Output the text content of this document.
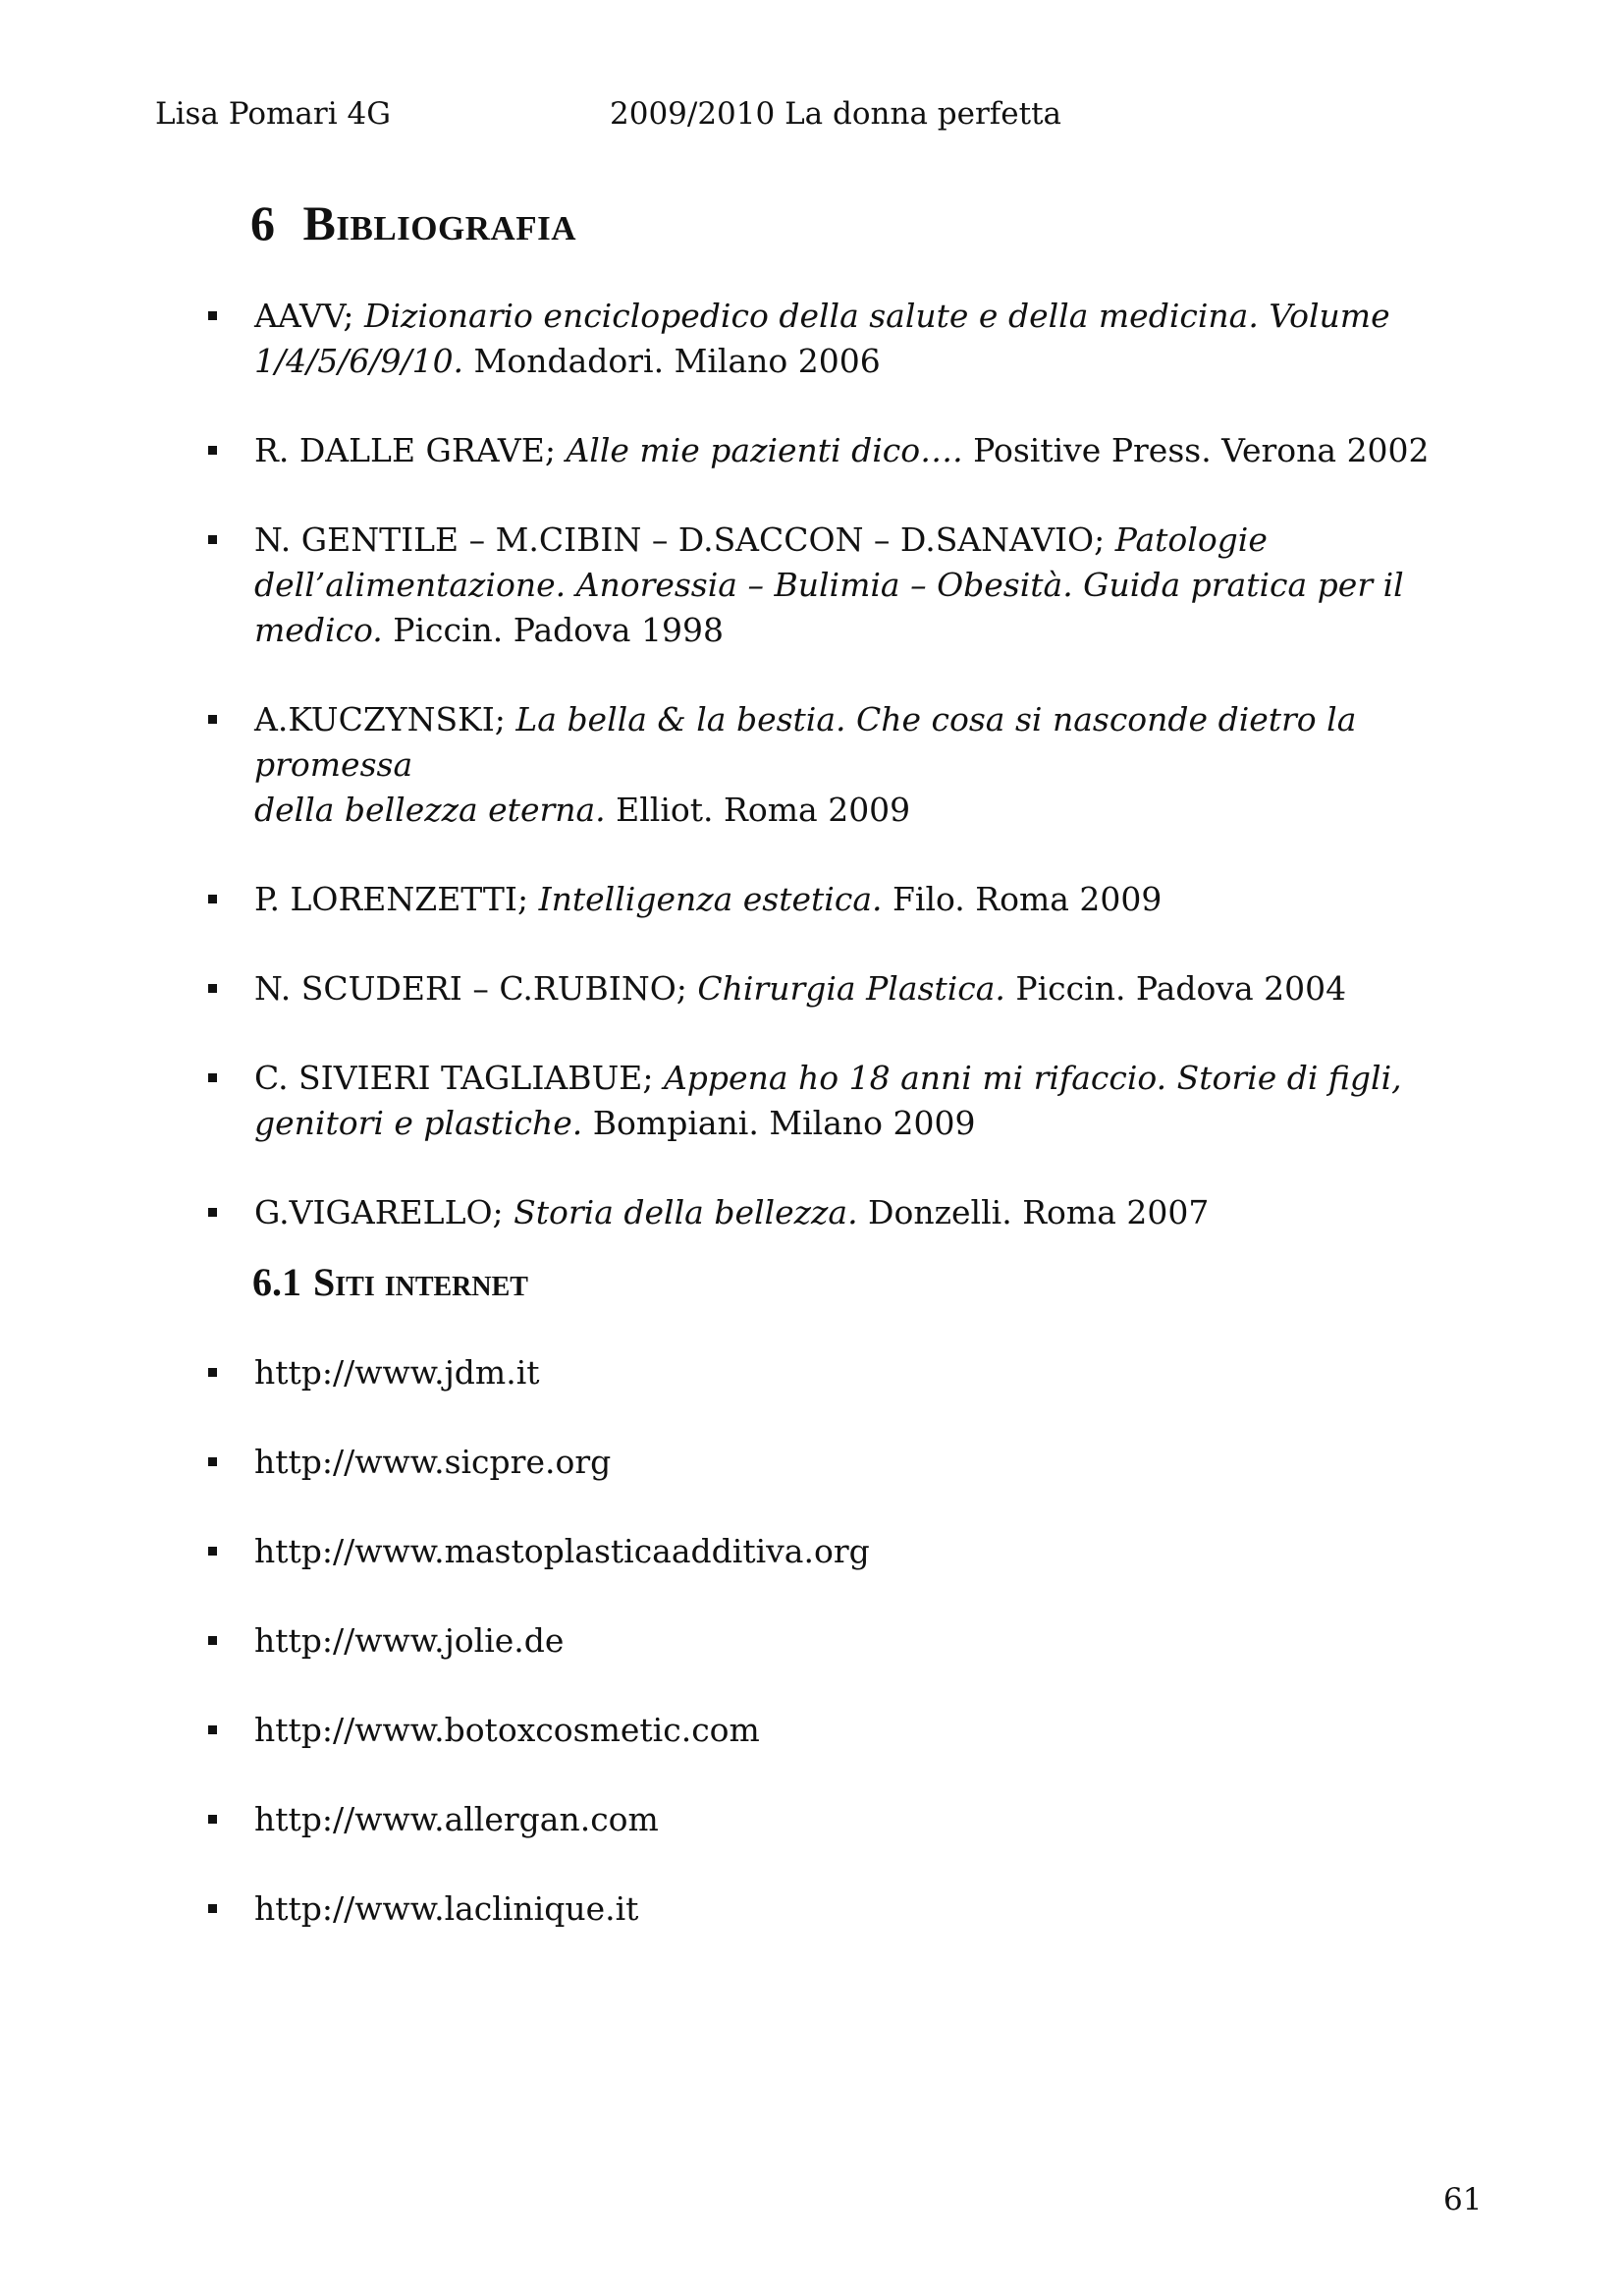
Lisa Pomari 4G	2009/2010 La donna perfetta
6 Bibliografia
AAVV; Dizionario enciclopedico della salute e della medicina. Volume
1/4/5/6/9/10. Mondadori. Milano 2006
R. DALLE GRAVE; Alle mie pazienti dico…. Positive Press. Verona 2002
N. GENTILE – M.CIBIN – D.SACCON – D.SANAVIO; Patologie
dell’alimentazione. Anoressia – Bulimia – Obesità. Guida pratica per il
medico. Piccin. Padova 1998
A.KUCZYNSKI; La bella & la bestia. Che cosa si nasconde dietro la promessa
della bellezza eterna. Elliot. Roma 2009
P. LORENZETTI; Intelligenza estetica. Filo. Roma 2009
N. SCUDERI – C.RUBINO; Chirurgia Plastica. Piccin. Padova 2004
C. SIVIERI TAGLIABUE; Appena ho 18 anni mi rifaccio. Storie di figli,
genitori e plastiche. Bompiani. Milano 2009
G.VIGARELLO; Storia della bellezza. Donzelli. Roma 2007
6.1 Siti internet
http://www.jdm.it
http://www.sicpre.org
http://www.mastoplasticaadditiva.org
http://www.jolie.de
http://www.botoxcosmetic.com
http://www.allergan.com
http://www.laclinique.it
61
